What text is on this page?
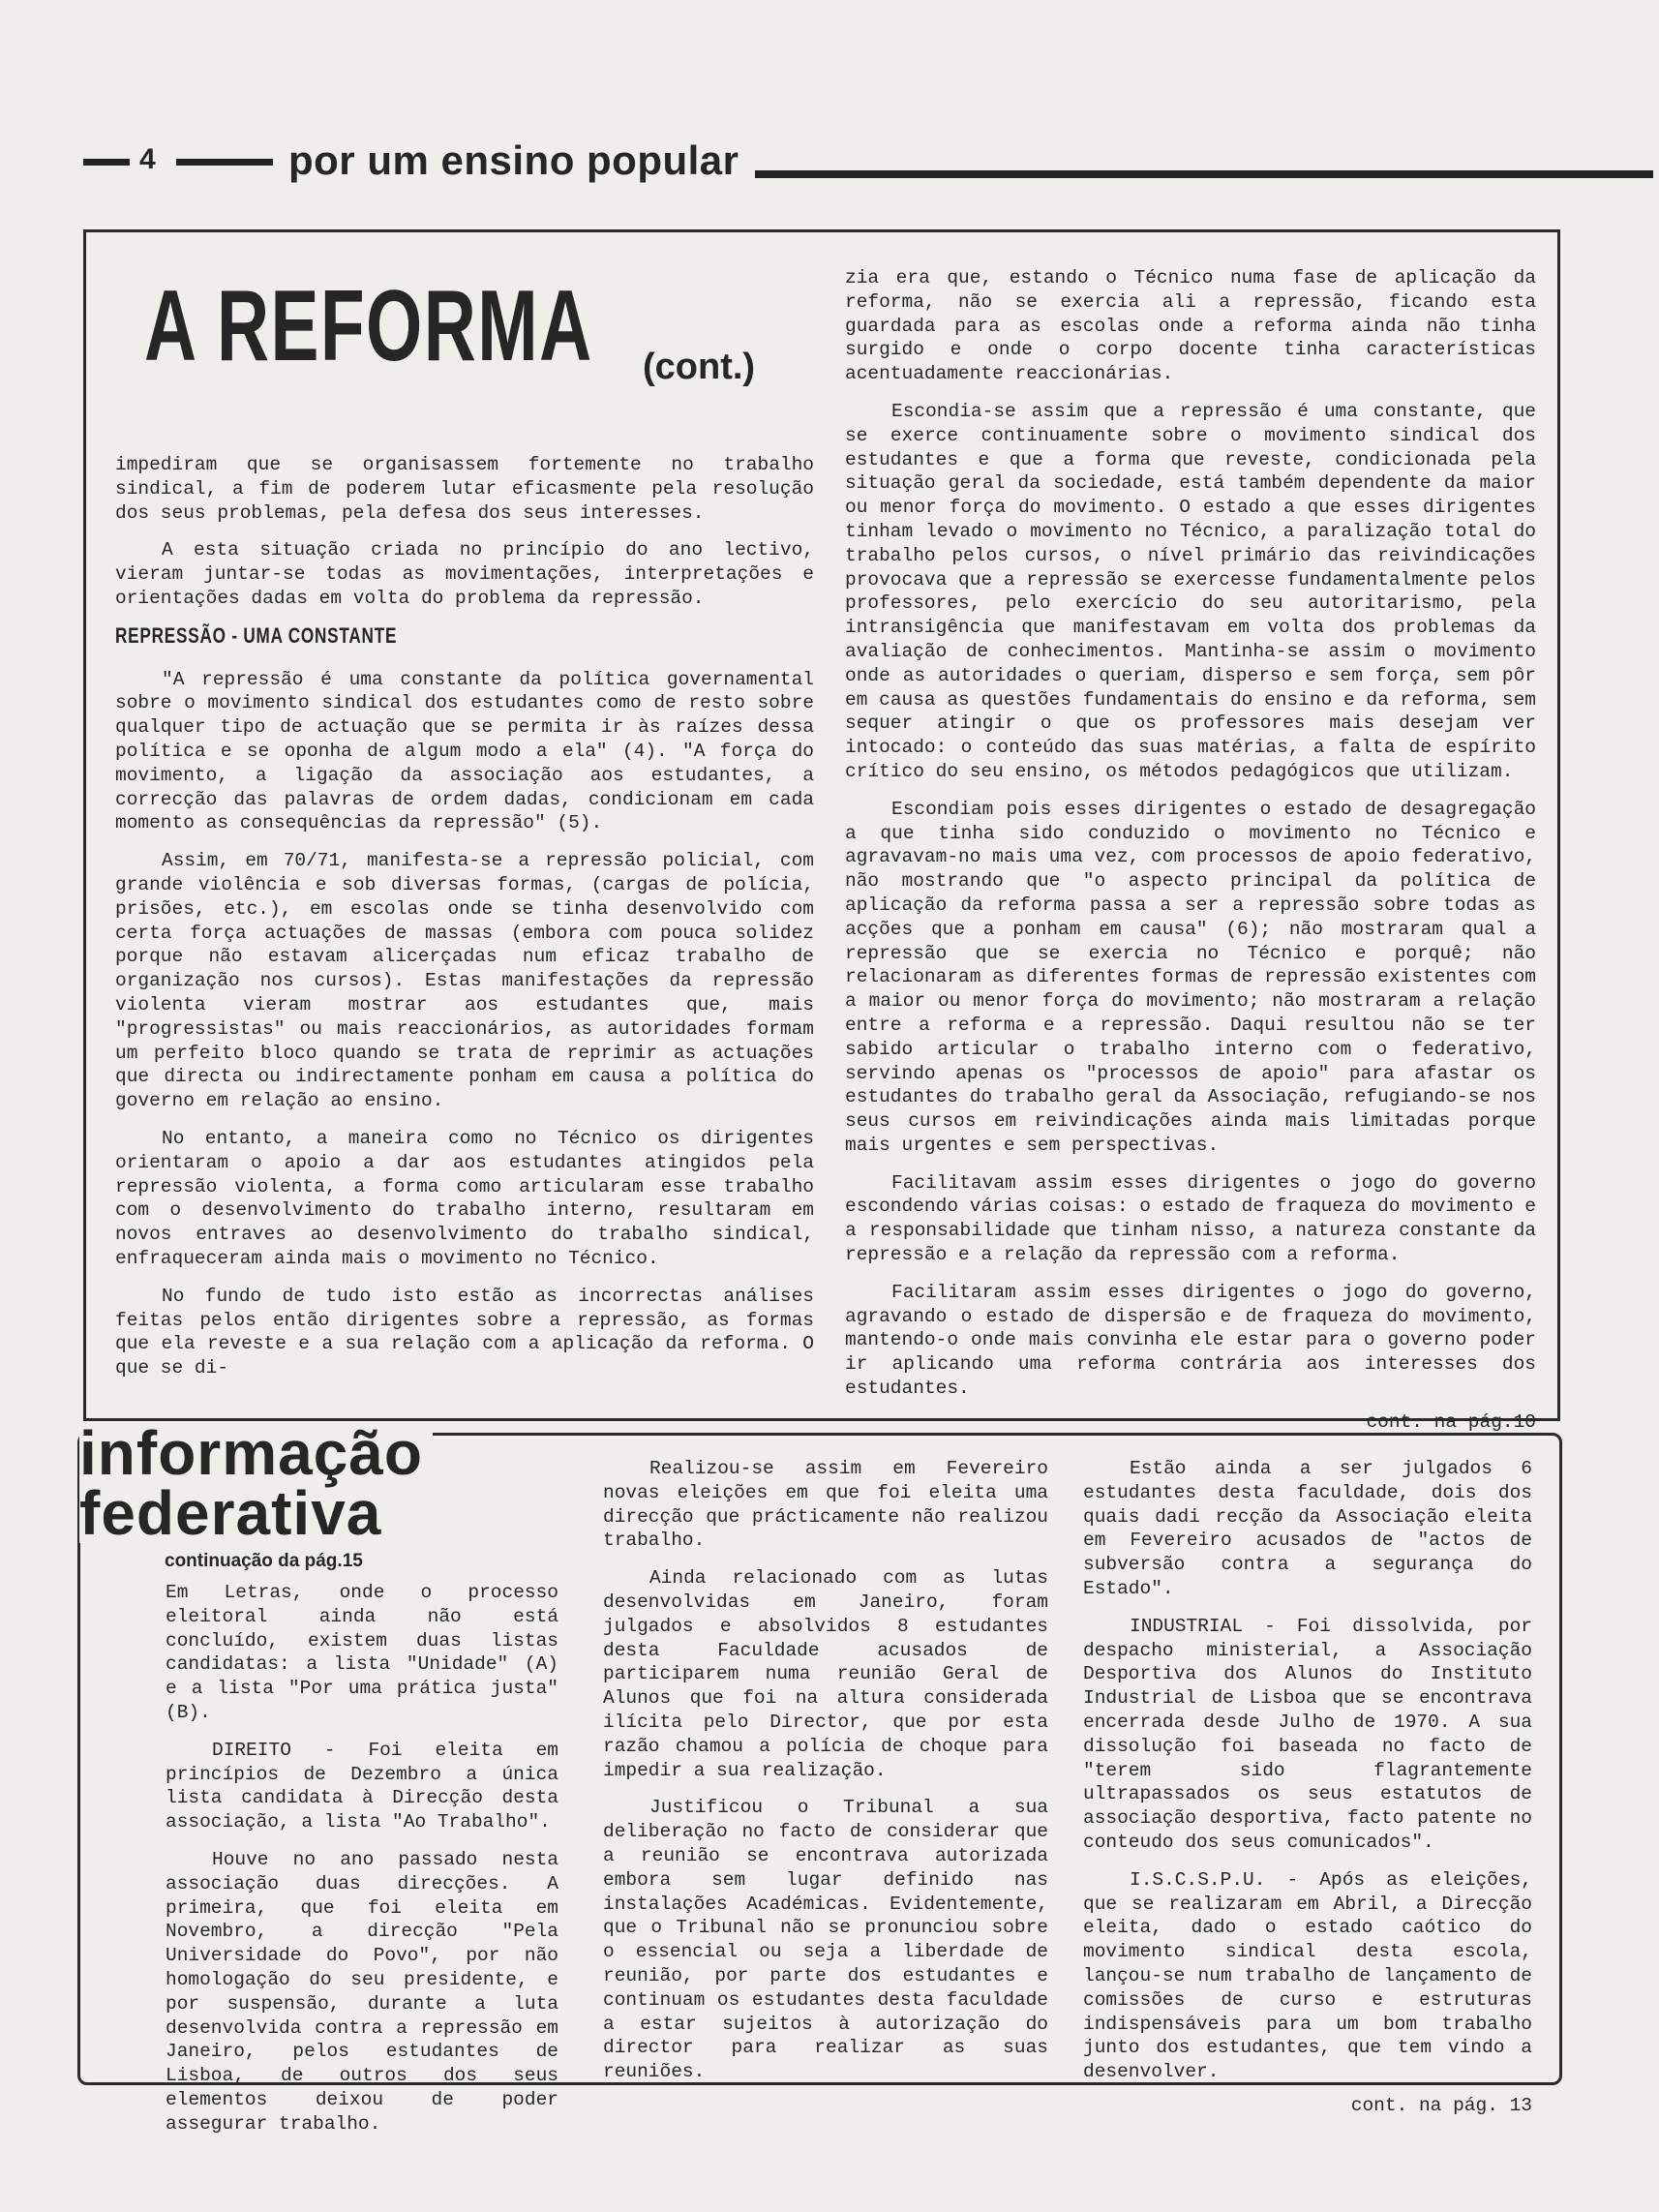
4	por um ensino popular
A REFORMA (cont.)

impediram que se organisassem fortemente no trabalho sindical, a fim de poderem lutar eficasmente pela resolução dos seus problemas, pela defesa dos seus interesses.

A esta situação criada no princípio do ano lectivo, vieram juntar-se todas as movimentações, interpretações e orientações dadas em volta do problema da repressão.

REPRESSÃO - UMA CONSTANTE

"A repressão é uma constante da política governamental sobre o movimento sindical dos estudantes como de resto sobre qualquer tipo de actuação que se permita ir às raízes dessa política e se oponha de algum modo a ela" (4). "A força do movimento, a ligação da associação aos estudantes, a correcção das palavras de ordem dadas, condicionam em cada momento as consequências da repressão" (5).

Assim, em 70/71, manifesta-se a repressão policial, com grande violência e sob diversas formas, (cargas de polícia, prisões, etc.), em escolas onde se tinha desenvolvido com certa força actuações de massas (embora com pouca solidez porque não estavam alicerçadas num eficaz trabalho de organização nos cursos). Estas manifestações da repressão violenta vieram mostrar aos estudantes que, mais "progressistas" ou mais reaccionários, as autoridades formam um perfeito bloco quando se trata de reprimir as actuações que directa ou indirectamente ponham em causa a política do governo em relação ao ensino.

No entanto, a maneira como no Técnico os dirigentes orientaram o apoio a dar aos estudantes atingidos pela repressão violenta, a forma como articularam esse trabalho com o desenvolvimento do trabalho interno, resultaram em novos entraves ao desenvolvimento do trabalho sindical, enfraqueceram ainda mais o movimento no Técnico.

No fundo de tudo isto estão as incorrectas análises feitas pelos então dirigentes sobre a repressão, as formas que ela reveste e a sua relação com a aplicação da reforma. O que se di-

zia era que, estando o Técnico numa fase de aplicação da reforma, não se exercia ali a repressão, ficando esta guardada para as escolas onde a reforma ainda não tinha surgido e onde o corpo docente tinha características acentuadamente reaccionárias.

Escondia-se assim que a repressão é uma constante, que se exerce continuamente sobre o movimento sindical dos estudantes e que a forma que reveste, condicionada pela situação geral da sociedade, está também dependente da maior ou menor força do movimento. O estado a que esses dirigentes tinham levado o movimento no Técnico, a paralização total do trabalho pelos cursos, o nível primário das reivindicações provocava que a repressão se exercesse fundamentalmente pelos professores, pelo exercício do seu autoritarismo, pela intransigência que manifestavam em volta dos problemas da avaliação de conhecimentos. Mantinha-se assim o movimento onde as autoridades o queriam, disperso e sem força, sem pôr em causa as questões fundamentais do ensino e da reforma, sem sequer atingir o que os professores mais desejam ver intocado: o conteúdo das suas matérias, a falta de espírito crítico do seu ensino, os métodos pedagógicos que utilizam.

Escondiam pois esses dirigentes o estado de desagregação a que tinha sido conduzido o movimento no Técnico e agravavam-no mais uma vez, com processos de apoio federativo, não mostrando que "o aspecto principal da política de aplicação da reforma passa a ser a repressão sobre todas as acções que a ponham em causa" (6); não mostraram qual a repressão que se exercia no Técnico e porquê; não relacionaram as diferentes formas de repressão existentes com a maior ou menor força do movimento; não mostraram a relação entre a reforma e a repressão. Daqui resultou não se ter sabido articular o trabalho interno com o federativo, servindo apenas os "processos de apoio" para afastar os estudantes do trabalho geral da Associação, refugiando-se nos seus cursos em reivindicações ainda mais limitadas porque mais urgentes e sem perspectivas.

Facilitavam assim esses dirigentes o jogo do governo escondendo várias coisas: o estado de fraqueza do movimento e a responsabilidade que tinham nisso, a natureza constante da repressão e a relação da repressão com a reforma.

Facilitaram assim esses dirigentes o jogo do governo, agravando o estado de dispersão e de fraqueza do movimento, mantendo-o onde mais convinha ele estar para o governo poder ir aplicando uma reforma contrária aos interesses dos estudantes.

cont. na pág.10

Em Letras, onde o processo eleitoral ainda não está concluído, existem duas listas candidatas: a lista "Unidade" (A) e a lista "Por uma prática justa" (B).

DIREITO - Foi eleita em princípios de Dezembro a única lista candidata à Direcção desta associação, a lista "Ao Trabalho".

Houve no ano passado nesta associação duas direcções. A primeira, que foi eleita em Novembro, a direcção "Pela Universidade do Povo", por não homologação do seu presidente, e por suspensão, durante a luta desenvolvida contra a repressão em Janeiro, pelos estudantes de Lisboa, de outros dos seus elementos deixou de poder assegurar trabalho.

Realizou-se assim em Fevereiro novas eleições em que foi eleita uma direcção que prácticamente não realizou trabalho.

Ainda relacionado com as lutas desenvolvidas em Janeiro, foram julgados e absolvidos 8 estudantes desta Faculdade acusados de participarem numa reunião Geral de Alunos que foi na altura considerada ilícita pelo Director, que por esta razão chamou a polícia de choque para impedir a sua realização.

Justificou o Tribunal a sua deliberação no facto de considerar que a reunião se encontrava autorizada embora sem lugar definido nas instalações Académicas. Evidentemente, que o Tribunal não se pronunciou sobre o essencial ou seja a liberdade de reunião, por parte dos estudantes e continuam os estudantes desta faculdade a estar sujeitos à autorização do director para realizar as suas reuniões.

Estão ainda a ser julgados 6 estudantes desta faculdade, dois dos quais dadi recção da Associação eleita em Fevereiro acusados de "actos de subversão contra a segurança do Estado".

INDUSTRIAL - Foi dissolvida, por despacho ministerial, a Associação Desportiva dos Alunos do Instituto Industrial de Lisboa que se encontrava encerrada desde Julho de 1970. A sua dissolução foi baseada no facto de "terem sido flagrantemente ultrapassados os seus estatutos de associação desportiva, facto patente no conteudo dos seus comunicados".

I.S.C.S.P.U. - Após as eleições, que se realizaram em Abril, a Direcção eleita, dado o estado caótico do movimento sindical desta escola, lançou-se num trabalho de lançamento de comissões de curso e estruturas indispensáveis para um bom trabalho junto dos estudantes, que tem vindo a desenvolver.

cont. na pág. 13
informação
federativa
continuação da pág.15
